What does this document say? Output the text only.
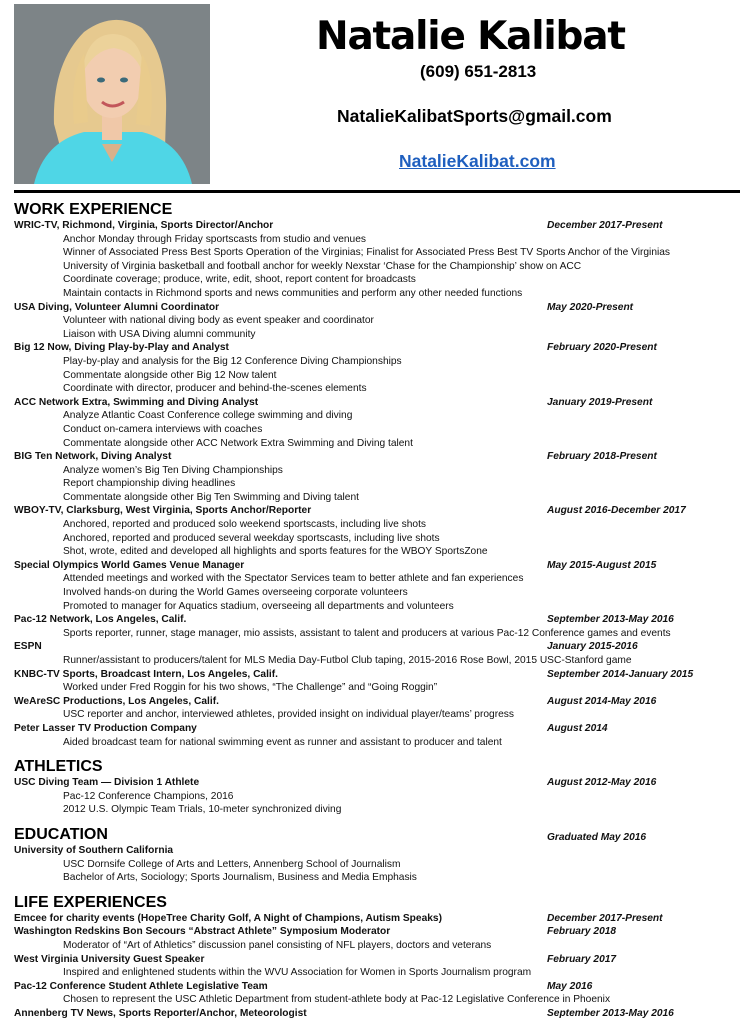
Natalie Kalibat
(609) 651-2813
NatalieKalibatSports@gmail.com
NatalieKalibat.com
WORK EXPERIENCE
WRIC-TV, Richmond, Virginia, Sports Director/Anchor	December 2017-Present
Anchor Monday through Friday sportscasts from studio and venues
Winner of Associated Press Best Sports Operation of the Virginias; Finalist for Associated Press Best TV Sports Anchor of the Virginias
University of Virginia basketball and football anchor for weekly Nexstar ‘Chase for the Championship’ show on ACC
Coordinate coverage; produce, write, edit, shoot, report content for broadcasts
Maintain contacts in Richmond sports and news communities and perform any other needed functions
USA Diving, Volunteer Alumni Coordinator	May 2020-Present
Volunteer with national diving body as event speaker and coordinator
Liaison with USA Diving alumni community
Big 12 Now, Diving Play-by-Play and Analyst	February 2020-Present
Play-by-play and analysis for the Big 12 Conference Diving Championships
Commentate alongside other Big 12 Now talent
Coordinate with director, producer and behind-the-scenes elements
ACC Network Extra, Swimming and Diving Analyst	January 2019-Present
Analyze Atlantic Coast Conference college swimming and diving
Conduct on-camera interviews with coaches
Commentate alongside other ACC Network Extra Swimming and Diving talent
BIG Ten Network, Diving Analyst	February 2018-Present
Analyze women’s Big Ten Diving Championships
Report championship diving headlines
Commentate alongside other Big Ten Swimming and Diving talent
WBOY-TV, Clarksburg, West Virginia, Sports Anchor/Reporter	August 2016-December 2017
Anchored, reported and produced solo weekend sportscasts, including live shots
Anchored, reported and produced several weekday sportscasts, including live shots
Shot, wrote, edited and developed all highlights and sports features for the WBOY SportsZone
Special Olympics World Games Venue Manager	May 2015-August 2015
Attended meetings and worked with the Spectator Services team to better athlete and fan experiences
Involved hands-on during the World Games overseeing corporate volunteers
Promoted to manager for Aquatics stadium, overseeing all departments and volunteers
Pac-12 Network, Los Angeles, Calif.	September 2013-May 2016
Sports reporter, runner, stage manager, mio assists, assistant to talent and producers at various Pac-12 Conference games and events
ESPN	January 2015-2016
Runner/assistant to producers/talent for MLS Media Day-Futbol Club taping, 2015-2016 Rose Bowl, 2015 USC-Stanford game
KNBC-TV Sports, Broadcast Intern, Los Angeles, Calif.	September 2014-January 2015
Worked under Fred Roggin for his two shows, “The Challenge” and “Going Roggin”
WeAreSC Productions, Los Angeles, Calif.	August 2014-May 2016
USC reporter and anchor, interviewed athletes, provided insight on individual player/teams’ progress
Peter Lasser TV Production Company	August 2014
Aided broadcast team for national swimming event as runner and assistant to producer and talent
ATHLETICS
USC Diving Team — Division 1 Athlete	August 2012-May 2016
Pac-12 Conference Champions, 2016
2012 U.S. Olympic Team Trials, 10-meter synchronized diving
EDUCATION	Graduated May 2016
University of Southern California
USC Dornsife College of Arts and Letters, Annenberg School of Journalism
Bachelor of Arts, Sociology; Sports Journalism, Business and Media Emphasis
LIFE EXPERIENCES
Emcee for charity events (HopeTree Charity Golf, A Night of Champions, Autism Speaks)	December 2017-Present
Washington Redskins Bon Secours “Abstract Athlete” Symposium Moderator	February 2018
Moderator of “Art of Athletics” discussion panel consisting of NFL players, doctors and veterans
West Virginia University Guest Speaker	February 2017
Inspired and enlightened students within the WVU Association for Women in Sports Journalism program
Pac-12 Conference Student Athlete Legislative Team	May 2016
Chosen to represent the USC Athletic Department from student-athlete body at Pac-12 Legislative Conference in Phoenix
Annenberg TV News, Sports Reporter/Anchor, Meteorologist	September 2013-May 2016
